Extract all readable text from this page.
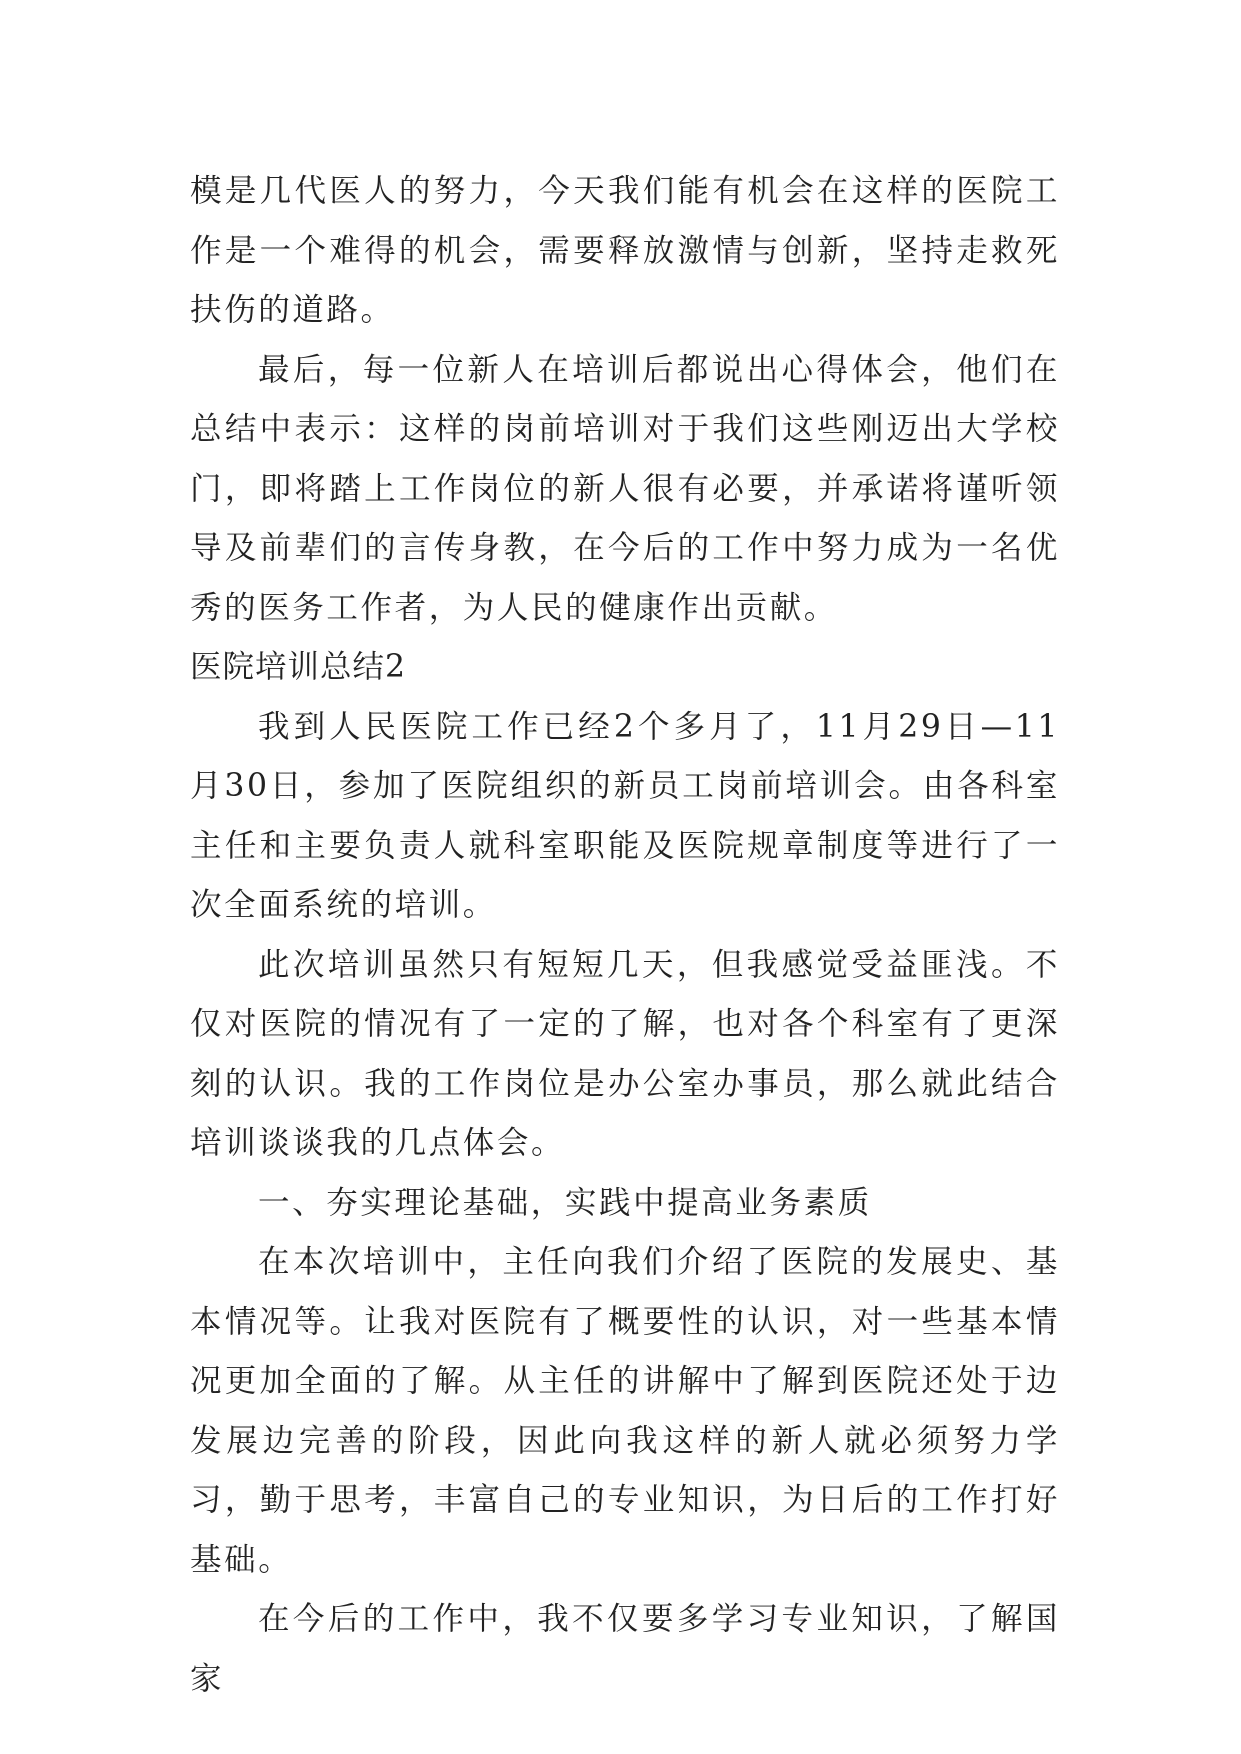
模是几代医人的努力，今天我们能有机会在这样的医院工作是一个难得的机会，需要释放激情与创新，坚持走救死扶伤的道路。

最后，每一位新人在培训后都说出心得体会，他们在总结中表示：这样的岗前培训对于我们这些刚迈出大学校门，即将踏上工作岗位的新人很有必要，并承诺将谨听领导及前辈们的言传身教，在今后的工作中努力成为一名优秀的医务工作者，为人民的健康作出贡献。

医院培训总结2

我到人民医院工作已经2个多月了，11月29日—11月30日，参加了医院组织的新员工岗前培训会。由各科室主任和主要负责人就科室职能及医院规章制度等进行了一次全面系统的培训。

此次培训虽然只有短短几天，但我感觉受益匪浅。不仅对医院的情况有了一定的了解，也对各个科室有了更深刻的认识。我的工作岗位是办公室办事员，那么就此结合培训谈谈我的几点体会。

一、夯实理论基础，实践中提高业务素质

在本次培训中，主任向我们介绍了医院的发展史、基本情况等。让我对医院有了概要性的认识，对一些基本情况更加全面的了解。从主任的讲解中了解到医院还处于边发展边完善的阶段，因此向我这样的新人就必须努力学习，勤于思考，丰富自己的专业知识，为日后的工作打好基础。

在今后的工作中，我不仅要多学习专业知识，了解国家
